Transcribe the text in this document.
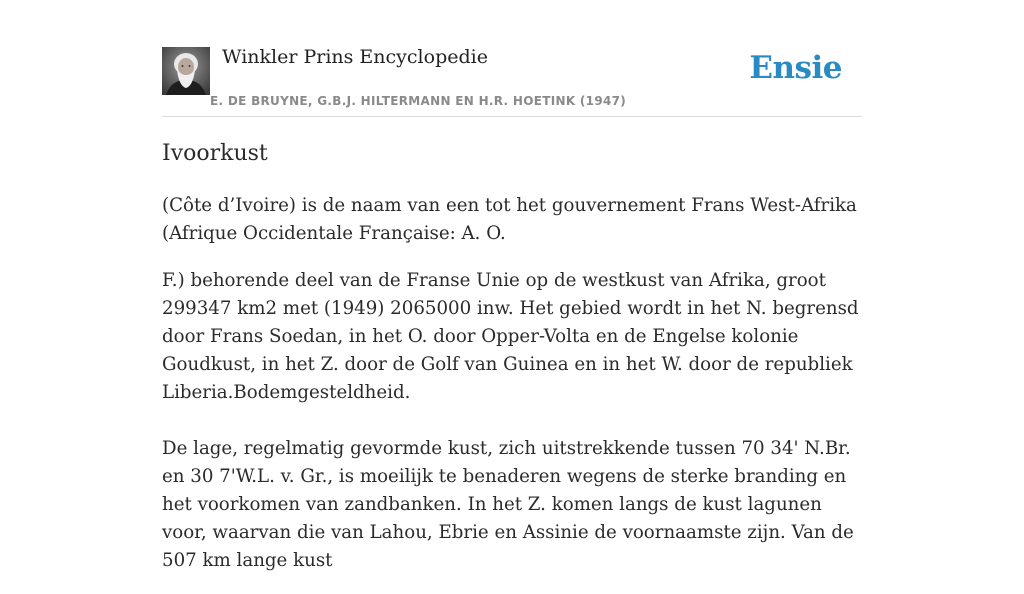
Winkler Prins Encyclopedie
E. DE BRUYNE, G.B.J. HILTERMANN EN H.R. HOETINK (1947)
Ensie
Ivoorkust

(Côte d’Ivoire) is de naam van een tot het gouvernement Frans West-Afrika (Afrique Occidentale Française: A. O.

F.) behorende deel van de Franse Unie op de westkust van Afrika, groot 299347 km2 met (1949) 2065000 inw. Het gebied wordt in het N. begrensd door Frans Soedan, in het O. door Opper-Volta en de Engelse kolonie Goudkust, in het Z. door de Golf van Guinea en in het W. door de republiek Liberia.Bodemgesteldheid.

De lage, regelmatig gevormde kust, zich uitstrekkende tussen 70 34' N.Br. en 30 7'W.L. v. Gr., is moeilijk te benaderen wegens de sterke branding en het voorkomen van zandbanken. In het Z. komen langs de kust lagunen voor, waarvan die van Lahou, Ebrie en Assinie de voornaamste zijn. Van de 507 km lange kust
